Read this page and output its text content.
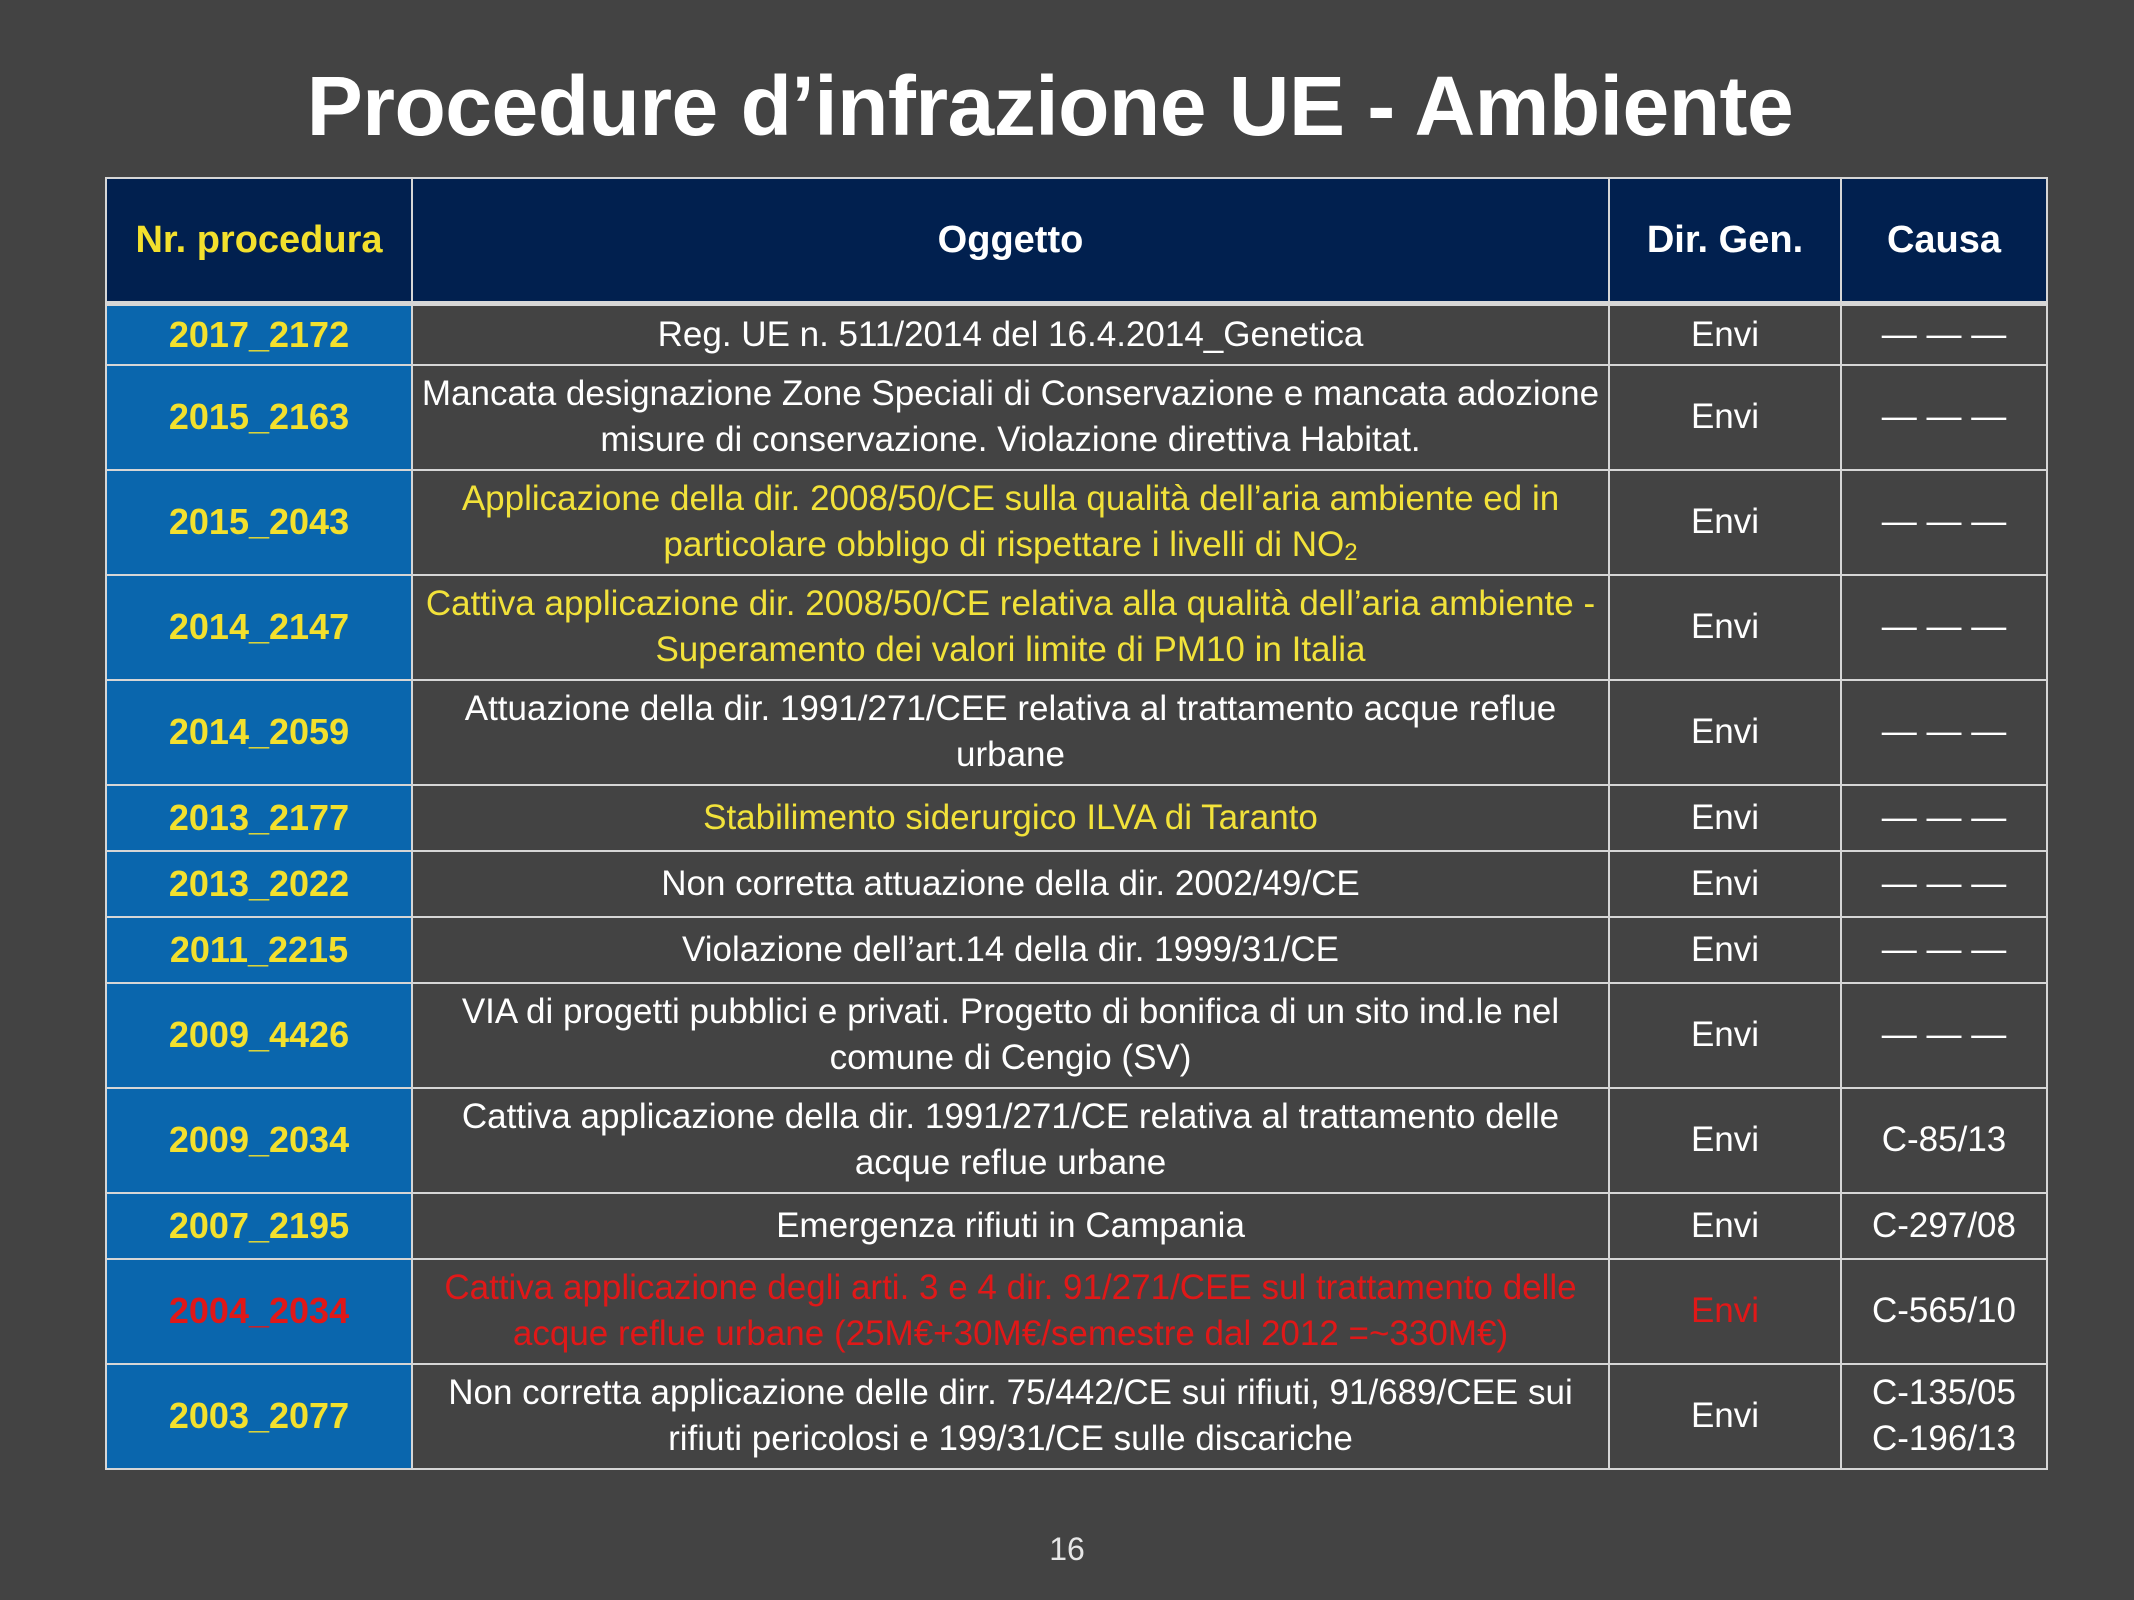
Procedure d’infrazione UE - Ambiente
Nr. procedura	Oggetto	Dir. Gen.	Causa
2017_2172	Reg. UE n. 511/2014 del 16.4.2014_Genetica	Envi	— — —
2015_2163	Mancata designazione Zone Speciali di Conservazione e mancata adozione misure di conservazione. Violazione direttiva Habitat.	Envi	— — —
2015_2043	Applicazione della dir. 2008/50/CE sulla qualità dell’aria ambiente ed in particolare obbligo di rispettare i livelli di $NO_2$	Envi	— — —
2014_2147	Cattiva applicazione dir. 2008/50/CE relativa alla qualità dell’aria ambiente - Superamento dei valori limite di PM10 in Italia	Envi	— — —
2014_2059	Attuazione della dir. 1991/271/CEE relativa al trattamento acque reflue urbane	Envi	— — —
2013_2177	Stabilimento siderurgico ILVA di Taranto	Envi	— — —
2013_2022	Non corretta attuazione della dir. 2002/49/CE	Envi	— — —
2011_2215	Violazione dell’art.14 della dir. 1999/31/CE	Envi	— — —
2009_4426	VIA di progetti pubblici e privati. Progetto di bonifica di un sito ind.le nel comune di Cengio (SV)	Envi	— — —
2009_2034	Cattiva applicazione della dir. 1991/271/CE relativa al trattamento delle acque reflue urbane	Envi	C-85/13
2007_2195	Emergenza rifiuti in Campania	Envi	C-297/08
2004_2034	Cattiva applicazione degli arti. 3 e 4 dir. 91/271/CEE sul trattamento delle acque reflue urbane (25M€+30M€/semestre dal 2012 =~330M€)	Envi	C-565/10
2003_2077	Non corretta applicazione delle dirr. 75/442/CE sui rifiuti, 91/689/CEE sui rifiuti pericolosi e 199/31/CE sulle discariche	Envi	C-135/05
C-196/13
16
